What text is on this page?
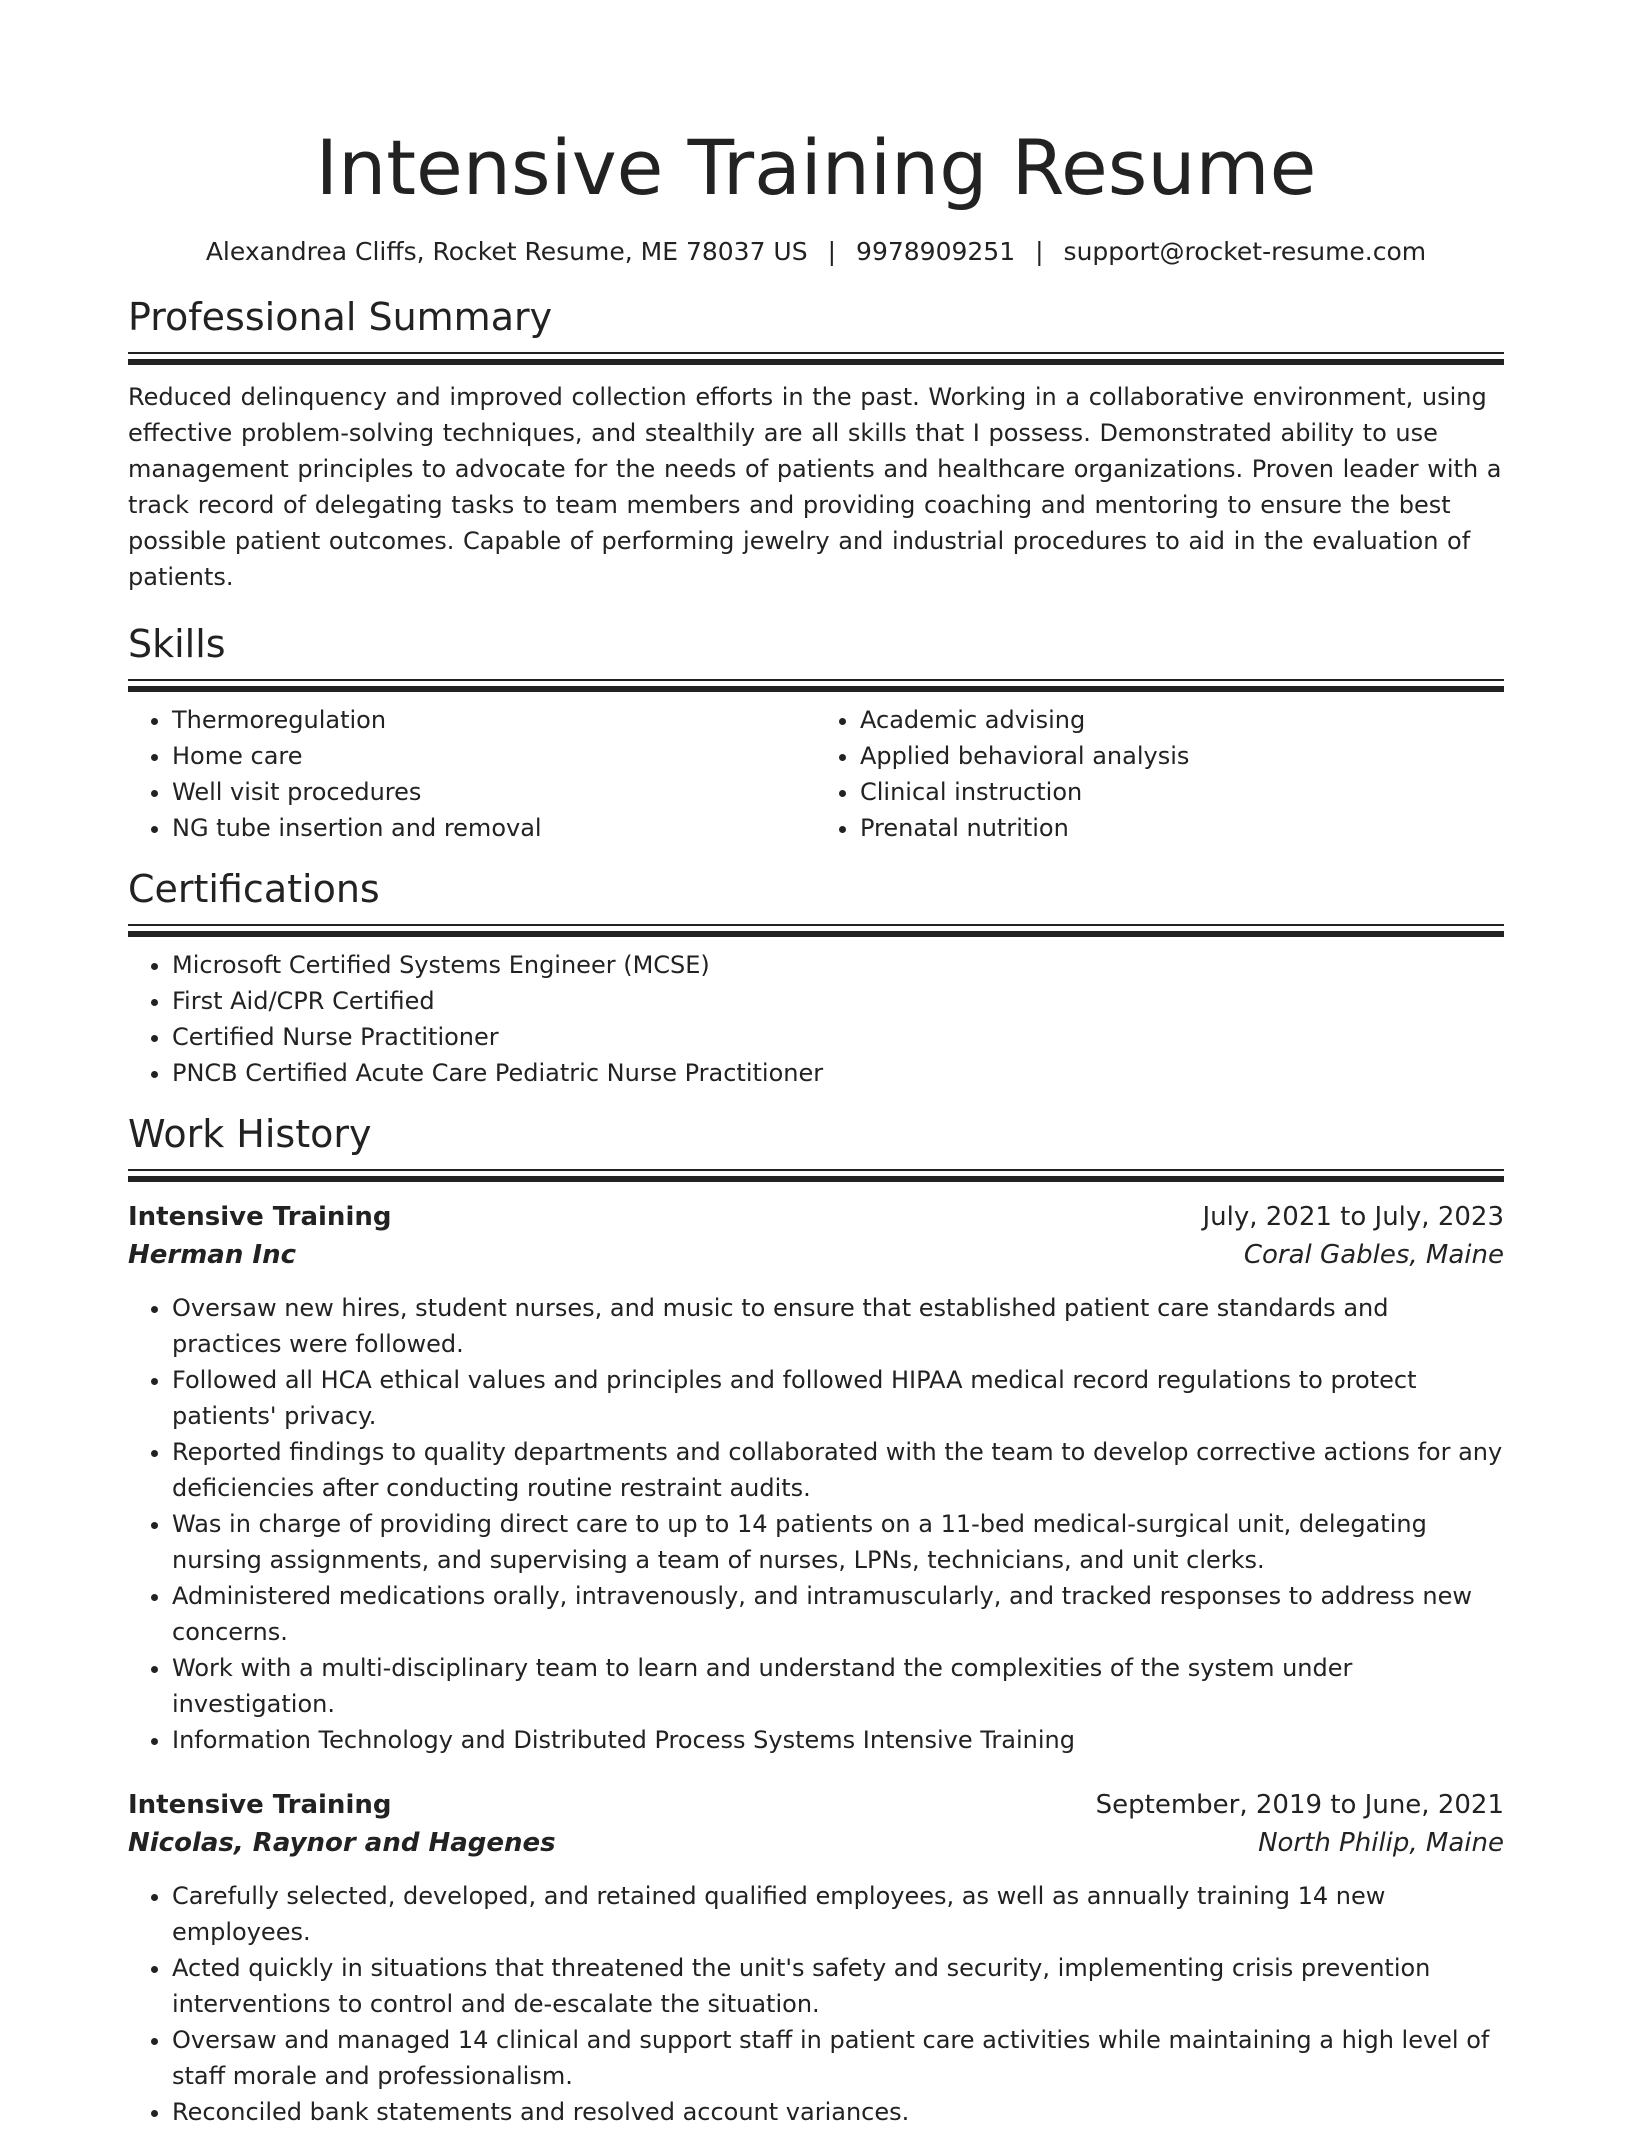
Intensive Training Resume
Alexandrea Cliffs, Rocket Resume, ME 78037 US | 9978909251 | support@rocket-resume.com
Professional Summary

Reduced delinquency and improved collection efforts in the past. Working in a collaborative environment, using effective problem-solving techniques, and stealthily are all skills that I possess. Demonstrated ability to use management principles to advocate for the needs of patients and healthcare organizations. Proven leader with a track record of delegating tasks to team members and providing coaching and mentoring to ensure the best possible patient outcomes. Capable of performing jewelry and industrial procedures to aid in the evaluation of patients.

Skills
• Thermoregulation
• Home care
• Well visit procedures
• NG tube insertion and removal
• Academic advising
• Applied behavioral analysis
• Clinical instruction
• Prenatal nutrition
Certifications
• Microsoft Certified Systems Engineer (MCSE)
• First Aid/CPR Certified
• Certified Nurse Practitioner
• PNCB Certified Acute Care Pediatric Nurse Practitioner
Work History
Intensive Training	July, 2021 to July, 2023
Herman Inc	Coral Gables, Maine
• Oversaw new hires, student nurses, and music to ensure that established patient care standards and practices were followed.
• Followed all HCA ethical values and principles and followed HIPAA medical record regulations to protect patients' privacy.
• Reported findings to quality departments and collaborated with the team to develop corrective actions for any deficiencies after conducting routine restraint audits.
• Was in charge of providing direct care to up to 14 patients on a 11-bed medical-surgical unit, delegating nursing assignments, and supervising a team of nurses, LPNs, technicians, and unit clerks.
• Administered medications orally, intravenously, and intramuscularly, and tracked responses to address new concerns.
• Work with a multi-disciplinary team to learn and understand the complexities of the system under investigation.
• Information Technology and Distributed Process Systems Intensive Training
Intensive Training	September, 2019 to June, 2021
Nicolas, Raynor and Hagenes	North Philip, Maine
• Carefully selected, developed, and retained qualified employees, as well as annually training 14 new employees.
• Acted quickly in situations that threatened the unit's safety and security, implementing crisis prevention interventions to control and de-escalate the situation.
• Oversaw and managed 14 clinical and support staff in patient care activities while maintaining a high level of staff morale and professionalism.
• Reconciled bank statements and resolved account variances.
